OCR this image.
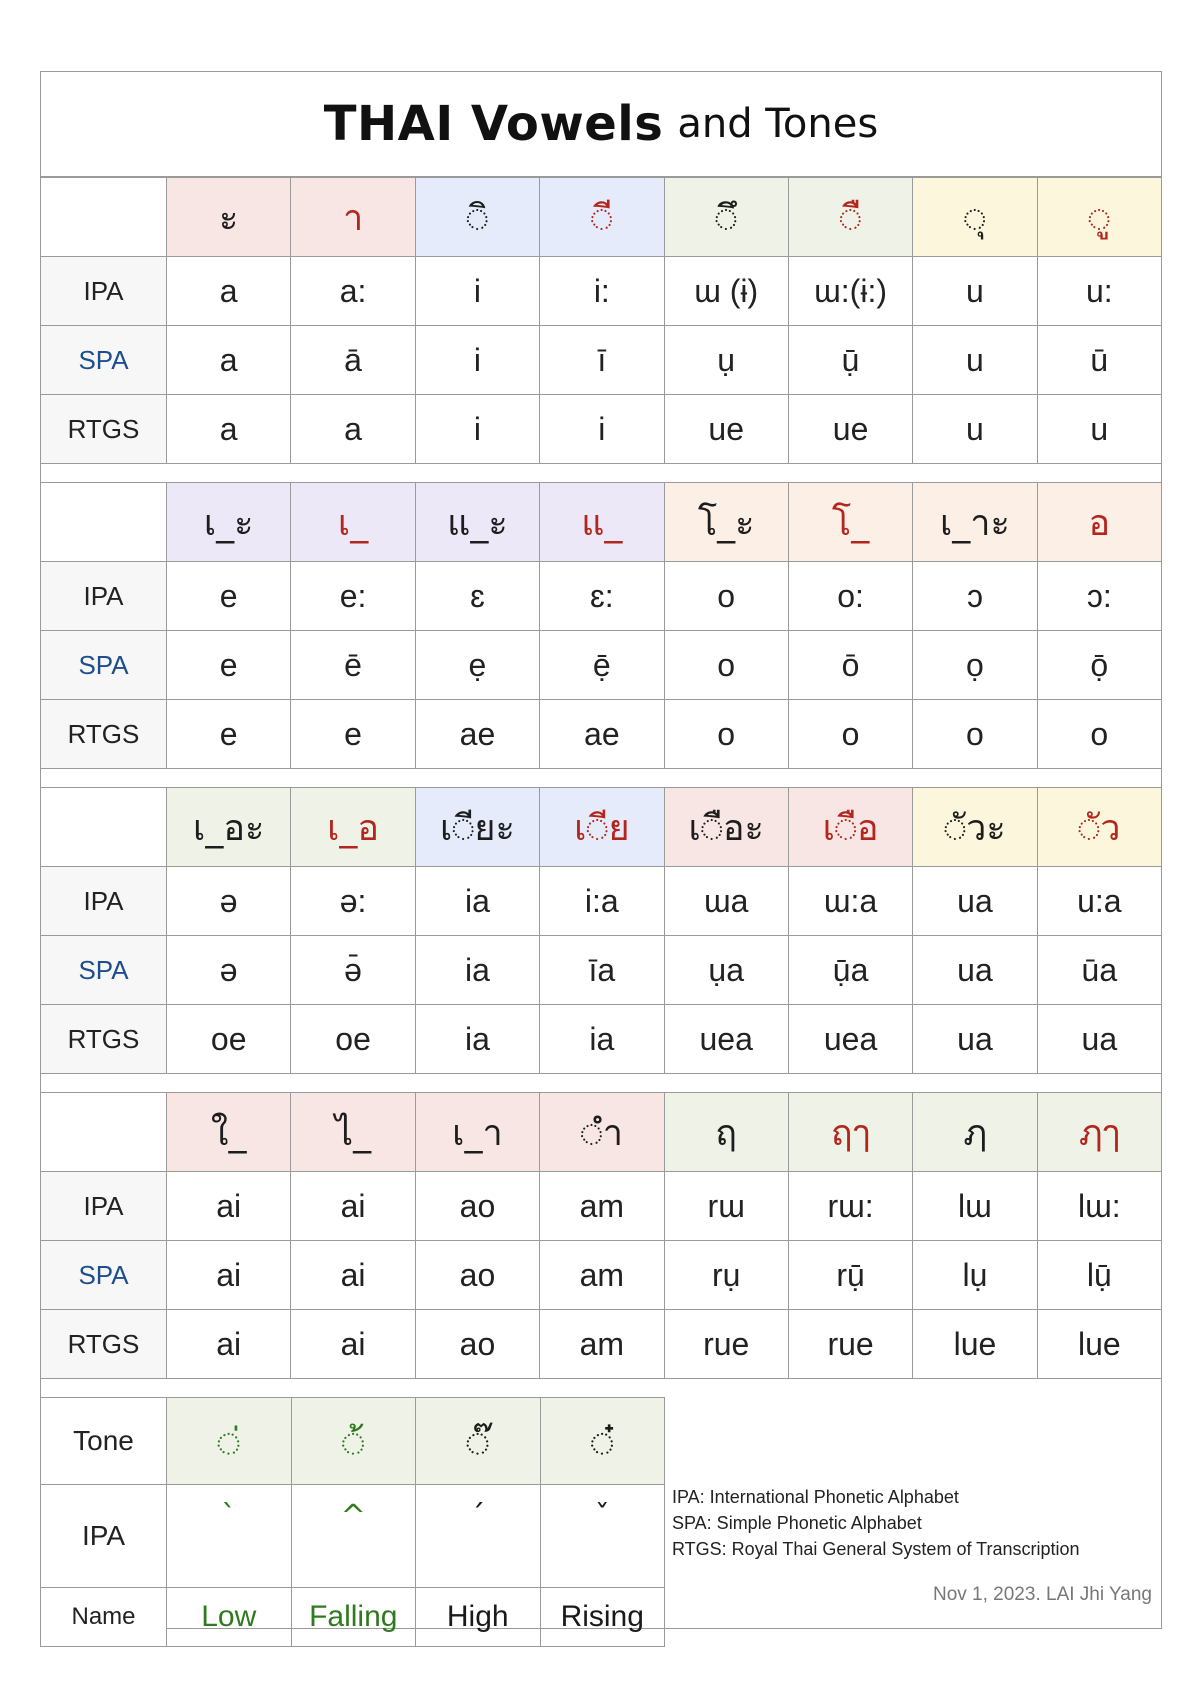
THAI Vowels and Tones
	ะ	า	◌ิ	◌ี	◌ึ	◌ื	◌ุ	◌ู
IPA	a	a:	i	i:	ɯ (ɨ)	ɯ:(ɨ:)	u	u:
SPA	a	ā	i	ī	ụ	ụ̄	u	ū
RTGS	a	a	i	i	ue	ue	u	u
	เ_ะ	เ_	แ_ะ	แ_	โ_ะ	โ_	เ_าะ	อ
IPA	e	e:	ɛ	ɛ:	o	o:	ɔ	ɔ:
SPA	e	ē	ẹ	ẹ̄	o	ō	ọ	ọ̄
RTGS	e	e	ae	ae	o	o	o	o
	เ_อะ	เ_อ	เ◌ียะ	เ◌ีย	เ◌ือะ	เ◌ือ	◌ัวะ	◌ัว
IPA	ə	ə:	ia	i:a	ɯa	ɯ:a	ua	u:a
SPA	ə	ə̄	ia	īa	ụa	ụ̄a	ua	ūa
RTGS	oe	oe	ia	ia	uea	uea	ua	ua
	ใ_	ไ_	เ_า	◌ำ	ฤ	ฤๅ	ฦ	ฦๅ
IPA	ai	ai	ao	am	rɯ	rɯ:	lɯ	lɯ:
SPA	ai	ai	ao	am	rụ	rụ̄	lụ	lụ̄
RTGS	ai	ai	ao	am	rue	rue	lue	lue
Tone	◌่	◌้	◌๊	◌๋
IPA	`	^	´	ˇ
Name	Low	Falling	High	Rising
IPA: International Phonetic Alphabet
SPA: Simple Phonetic Alphabet
RTGS: Royal Thai General System of Transcription
Nov 1, 2023. LAI Jhi Yang
